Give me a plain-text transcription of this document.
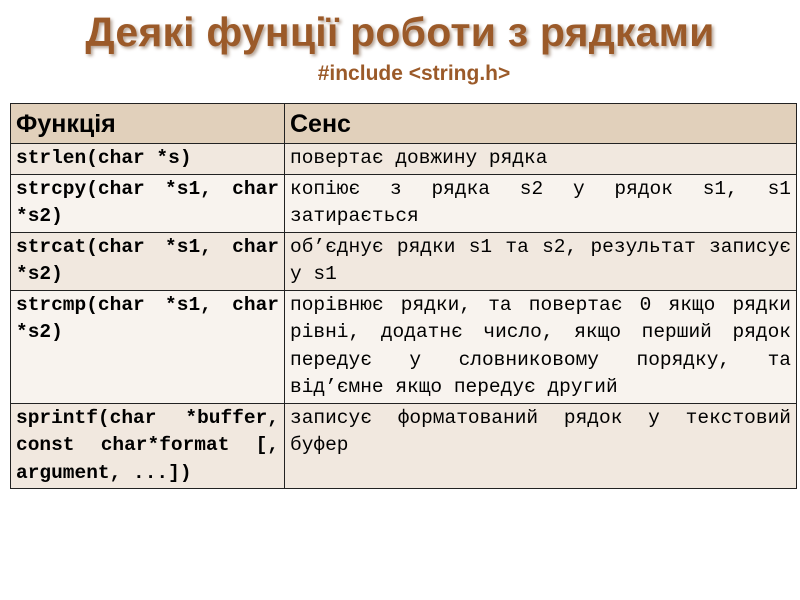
Деякі фунції роботи з рядками
#include <string.h>
Функція	Сенс
strlen(char *s)	повертає довжину рядка
strcpy(char *s1, char *s2)	копіює з рядка s2 у рядок s1, s1 затирається
strcat(char *s1, char *s2)	об’єднує рядки s1 та s2, результат записує у s1
strcmp(char *s1, char *s2)	порівнює рядки, та повертає 0 якщо рядки рівні, додатнє число, якщо перший рядок передує у словниковому порядку, та від’ємне якщо передує другий
sprintf(char *buffer, const char*format [, argument, ...])	записує форматований рядок у текстовий буфер
